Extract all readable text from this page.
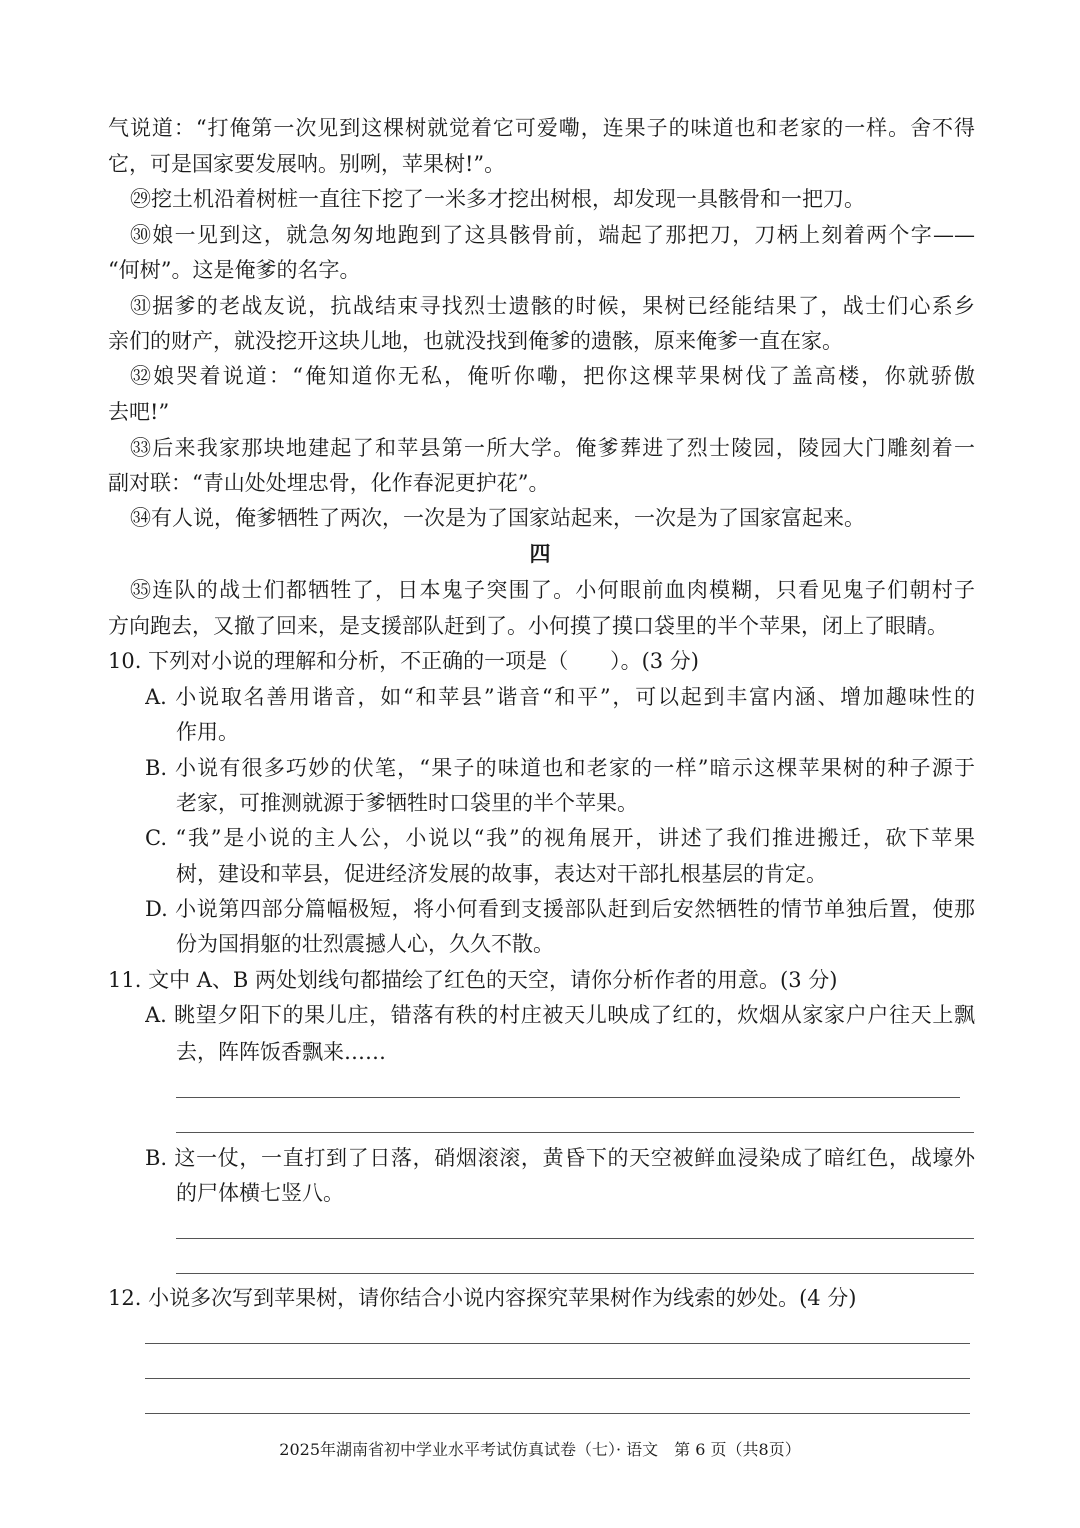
气说道：“打俺第一次见到这棵树就觉着它可爱嘞，连果子的味道也和老家的一样。舍不得
它，可是国家要发展呐。别咧，苹果树!”。
㉙挖土机沿着树桩一直往下挖了一米多才挖出树根，却发现一具骸骨和一把刀。
㉚娘一见到这，就急匆匆地跑到了这具骸骨前，端起了那把刀，刀柄上刻着两个字——
“何树”。这是俺爹的名字。
㉛据爹的老战友说，抗战结束寻找烈士遗骸的时候，果树已经能结果了，战士们心系乡
亲们的财产，就没挖开这块儿地，也就没找到俺爹的遗骸，原来俺爹一直在家。
㉜娘哭着说道：“俺知道你无私，俺听你嘞，把你这棵苹果树伐了盖高楼，你就骄傲
去吧!”
㉝后来我家那块地建起了和苹县第一所大学。俺爹葬进了烈士陵园，陵园大门雕刻着一
副对联：“青山处处埋忠骨，化作春泥更护花”。
㉞有人说，俺爹牺牲了两次，一次是为了国家站起来，一次是为了国家富起来。
四
㉟连队的战士们都牺牲了，日本鬼子突围了。小何眼前血肉模糊，只看见鬼子们朝村子
方向跑去，又撤了回来，是支援部队赶到了。小何摸了摸口袋里的半个苹果，闭上了眼睛。
10. 下列对小说的理解和分析，不正确的一项是（　　）。(3 分)
A. 小说取名善用谐音，如“和苹县”谐音“和平”，可以起到丰富内涵、增加趣味性的
作用。
B. 小说有很多巧妙的伏笔，“果子的味道也和老家的一样”暗示这棵苹果树的种子源于
老家，可推测就源于爹牺牲时口袋里的半个苹果。
C. “我”是小说的主人公，小说以“我”的视角展开，讲述了我们推进搬迁，砍下苹果
树，建设和苹县，促进经济发展的故事，表达对干部扎根基层的肯定。
D. 小说第四部分篇幅极短，将小何看到支援部队赶到后安然牺牲的情节单独后置，使那
份为国捐躯的壮烈震撼人心，久久不散。
11. 文中 A、B 两处划线句都描绘了红色的天空，请你分析作者的用意。(3 分)
A. 眺望夕阳下的果儿庄，错落有秩的村庄被天儿映成了红的，炊烟从家家户户往天上飘
去，阵阵饭香飘来……
B. 这一仗，一直打到了日落，硝烟滚滚，黄昏下的天空被鲜血浸染成了暗红色，战壕外
的尸体横七竖八。
12. 小说多次写到苹果树，请你结合小说内容探究苹果树作为线索的妙处。(4 分)
2025年湖南省初中学业水平考试仿真试卷（七）· 语文　第 6 页（共8页）
